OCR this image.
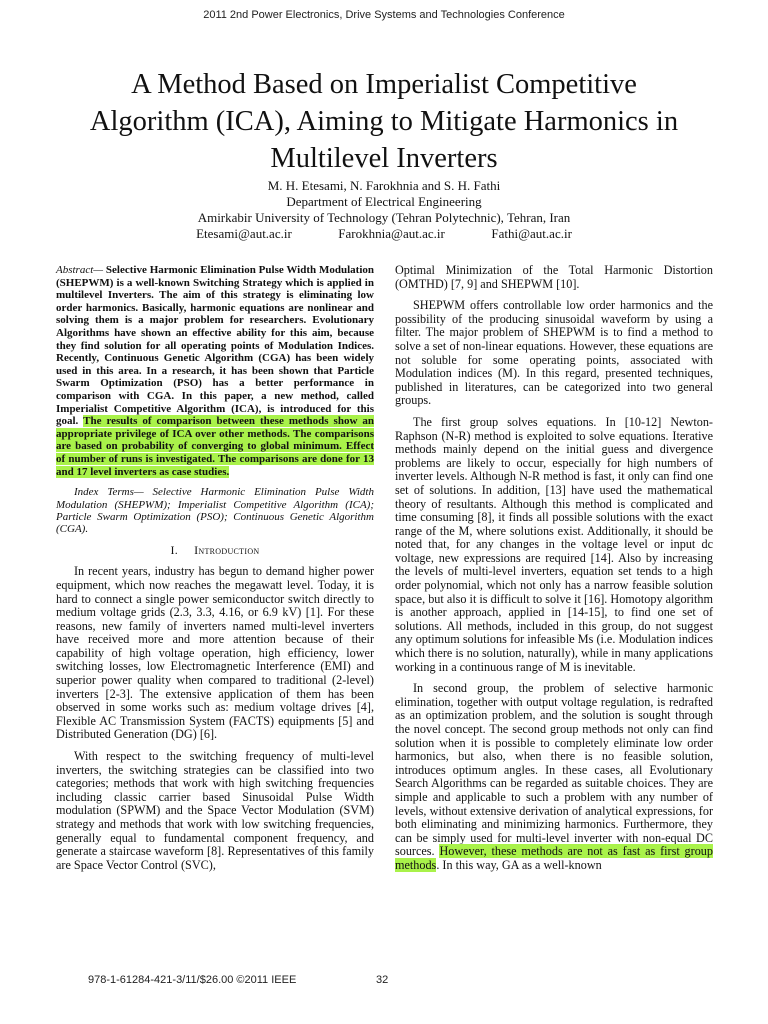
2011 2nd Power Electronics, Drive Systems and Technologies Conference
A Method Based on Imperialist Competitive
Algorithm (ICA), Aiming to Mitigate Harmonics in
Multilevel Inverters
M. H. Etesami, N. Farokhnia and S. H. Fathi
Department of Electrical Engineering
Amirkabir University of Technology (Tehran Polytechnic), Tehran, Iran
Etesami@aut.ac.ir	Farokhnia@aut.ac.ir	Fathi@aut.ac.ir

Abstract— Selective Harmonic Elimination Pulse Width Modulation (SHEPWM) is a well-known Switching Strategy which is applied in multilevel Inverters. The aim of this strategy is eliminating low order harmonics. Basically, harmonic equations are nonlinear and solving them is a major problem for researchers. Evolutionary Algorithms have shown an effective ability for this aim, because they find solution for all operating points of Modulation Indices. Recently, Continuous Genetic Algorithm (CGA) has been widely used in this area. In a research, it has been shown that Particle Swarm Optimization (PSO) has a better performance in comparison with CGA. In this paper, a new method, called Imperialist Competitive Algorithm (ICA), is introduced for this goal. The results of comparison between these methods show an appropriate privilege of ICA over other methods. The comparisons are based on probability of converging to global minimum. Effect of number of runs is investigated. The comparisons are done for 13 and 17 level inverters as case studies.

Index Terms— Selective Harmonic Elimination Pulse Width Modulation (SHEPWM); Imperialist Competitive Algorithm (ICA); Particle Swarm Optimization (PSO); Continuous Genetic Algorithm (CGA).

I. Introduction

In recent years, industry has begun to demand higher power equipment, which now reaches the megawatt level. Today, it is hard to connect a single power semiconductor switch directly to medium voltage grids (2.3, 3.3, 4.16, or 6.9 kV) [1]. For these reasons, new family of inverters named multi-level inverters have received more and more attention because of their capability of high voltage operation, high efficiency, lower switching losses, low Electromagnetic Interference (EMI) and superior power quality when compared to traditional (2-level) inverters [2-3]. The extensive application of them has been observed in some works such as: medium voltage drives [4], Flexible AC Transmission System (FACTS) equipments [5] and Distributed Generation (DG) [6].

With respect to the switching frequency of multi-level inverters, the switching strategies can be classified into two categories; methods that work with high switching frequencies including classic carrier based Sinusoidal Pulse Width modulation (SPWM) and the Space Vector Modulation (SVM) strategy and methods that work with low switching frequencies, generally equal to fundamental component frequency, and generate a staircase waveform [8]. Representatives of this family are Space Vector Control (SVC),

Optimal Minimization of the Total Harmonic Distortion (OMTHD) [7, 9] and SHEPWM [10].

SHEPWM offers controllable low order harmonics and the possibility of the producing sinusoidal waveform by using a filter. The major problem of SHEPWM is to find a method to solve a set of non-linear equations. However, these equations are not soluble for some operating points, associated with Modulation indices (M). In this regard, presented techniques, published in literatures, can be categorized into two general groups.

The first group solves equations. In [10-12] Newton-Raphson (N-R) method is exploited to solve equations. Iterative methods mainly depend on the initial guess and divergence problems are likely to occur, especially for high numbers of inverter levels. Although N-R method is fast, it only can find one set of solutions. In addition, [13] have used the mathematical theory of resultants. Although this method is complicated and time consuming [8], it finds all possible solutions with the exact range of the M, where solutions exist. Additionally, it should be noted that, for any changes in the voltage level or input dc voltage, new expressions are required [14]. Also by increasing the levels of multi-level inverters, equation set tends to a high order polynomial, which not only has a narrow feasible solution space, but also it is difficult to solve it [16]. Homotopy algorithm is another approach, applied in [14-15], to find one set of solutions. All methods, included in this group, do not suggest any optimum solutions for infeasible Ms (i.e. Modulation indices which there is no solution, naturally), while in many applications working in a continuous range of M is inevitable.

In second group, the problem of selective harmonic elimination, together with output voltage regulation, is redrafted as an optimization problem, and the solution is sought through the novel concept. The second group methods not only can find solution when it is possible to completely eliminate low order harmonics, but also, when there is no feasible solution, introduces optimum angles. In these cases, all Evolutionary Search Algorithms can be regarded as suitable choices. They are simple and applicable to such a problem with any number of levels, without extensive derivation of analytical expressions, for both eliminating and minimizing harmonics. Furthermore, they can be simply used for multi-level inverter with non-equal DC sources. However, these methods are not as fast as first group methods. In this way, GA as a well-known

978-1-61284-421-3/11/$26.00 ©2011 IEEE	32
